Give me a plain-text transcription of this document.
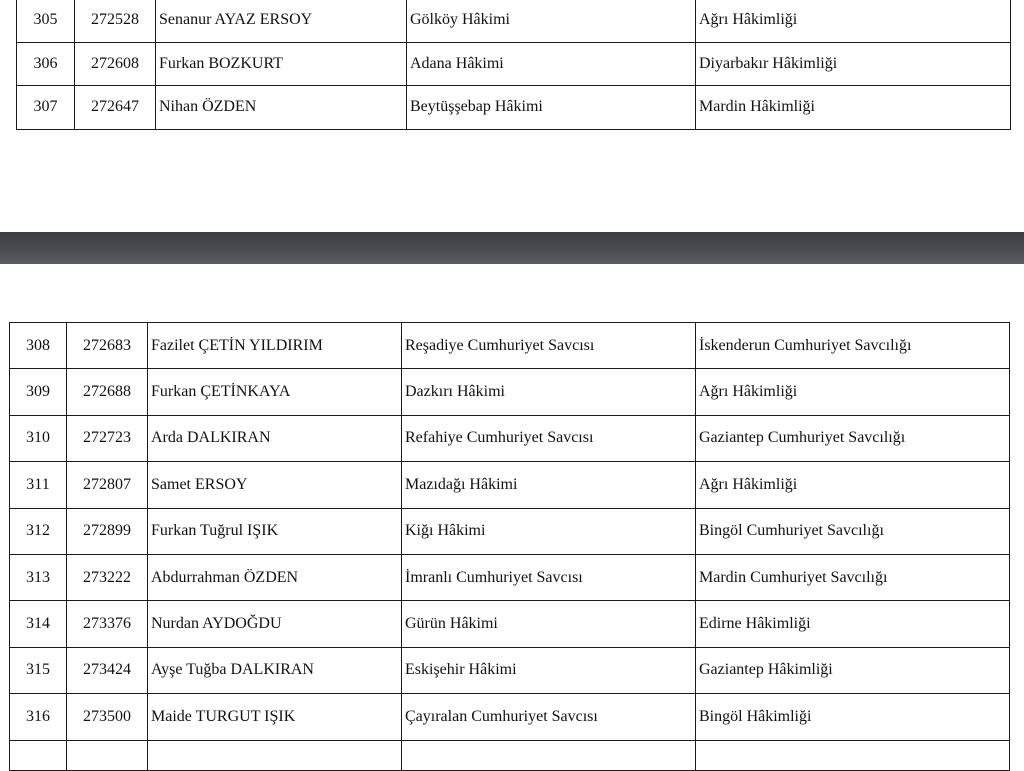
305	272528	Senanur AYAZ ERSOY	Gölköy Hâkimi	Ağrı Hâkimliği
306	272608	Furkan BOZKURT	Adana Hâkimi	Diyarbakır Hâkimliği
307	272647	Nihan ÖZDEN	Beytüşşebap Hâkimi	Mardin Hâkimliği
308	272683	Fazilet ÇETİN YILDIRIM	Reşadiye Cumhuriyet Savcısı	İskenderun Cumhuriyet Savcılığı
309	272688	Furkan ÇETİNKAYA	Dazkırı Hâkimi	Ağrı Hâkimliği
310	272723	Arda DALKIRAN	Refahiye Cumhuriyet Savcısı	Gaziantep Cumhuriyet Savcılığı
311	272807	Samet ERSOY	Mazıdağı Hâkimi	Ağrı Hâkimliği
312	272899	Furkan Tuğrul IŞIK	Kiğı Hâkimi	Bingöl Cumhuriyet Savcılığı
313	273222	Abdurrahman ÖZDEN	İmranlı Cumhuriyet Savcısı	Mardin Cumhuriyet Savcılığı
314	273376	Nurdan AYDOĞDU	Gürün Hâkimi	Edirne Hâkimliği
315	273424	Ayşe Tuğba DALKIRAN	Eskişehir Hâkimi	Gaziantep Hâkimliği
316	273500	Maide TURGUT IŞIK	Çayıralan Cumhuriyet Savcısı	Bingöl Hâkimliği
